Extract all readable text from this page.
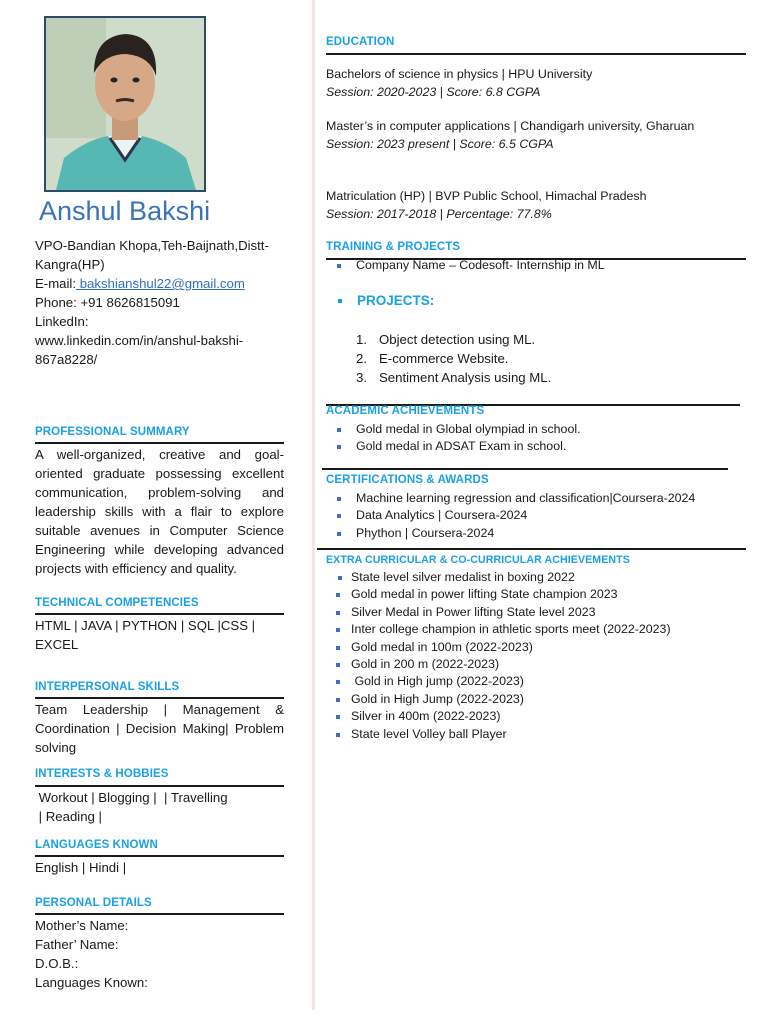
Anshul Bakshi
VPO-Bandian Khopa,Teh-Baijnath,Distt-
Kangra(HP)
E-mail: bakshianshul22@gmail.com
Phone: +91 8626815091
LinkedIn:
www.linkedin.com/in/anshul-bakshi-
867a8228/
PROFESSIONAL SUMMARY
A well-organized, creative and goal-oriented graduate possessing excellent communication, problem-solving and leadership skills with a flair to explore suitable avenues in Computer Science Engineering while developing advanced projects with efficiency and quality.
TECHNICAL COMPETENCIES
HTML | JAVA | PYTHON | SQL |CSS | EXCEL
INTERPERSONAL SKILLS
Team Leadership | Management & Coordination | Decision Making| Problem solving
INTERESTS & HOBBIES
Workout | Blogging |  | Travelling
| Reading |
LANGUAGES KNOWN
English | Hindi |
PERSONAL DETAILS
Mother’s Name:
Father’ Name:
D.O.B.:
Languages Known:
EDUCATION
Bachelors of science in physics | HPU University
Session: 2020-2023 | Score: 6.8 CGPA
Master’s in computer applications | Chandigarh university, Gharuan
Session: 2023 present | Score: 6.5 CGPA
Matriculation (HP) | BVP Public School, Himachal Pradesh
Session: 2017-2018 | Percentage: 77.8%
TRAINING & PROJECTS
Company Name – Codesoft- Internship in ML
PROJECTS:
1. Object detection using ML.
2. E-commerce Website.
3. Sentiment Analysis using ML.
ACADEMIC ACHIEVEMENTS
Gold medal in Global olympiad in school.
Gold medal in ADSAT Exam in school.
CERTIFICATIONS & AWARDS
Machine learning regression and classification|Coursera-2024
Data Analytics | Coursera-2024
Phython | Coursera-2024
EXTRA CURRICULAR & CO-CURRICULAR ACHIEVEMENTS
State level silver medalist in boxing 2022
Gold medal in power lifting State champion 2023
Silver Medal in Power lifting State level 2023
Inter college champion in athletic sports meet (2022-2023)
Gold medal in 100m (2022-2023)
Gold in 200 m (2022-2023)
Gold in High jump (2022-2023)
Gold in High Jump (2022-2023)
Silver in 400m (2022-2023)
State level Volley ball Player
